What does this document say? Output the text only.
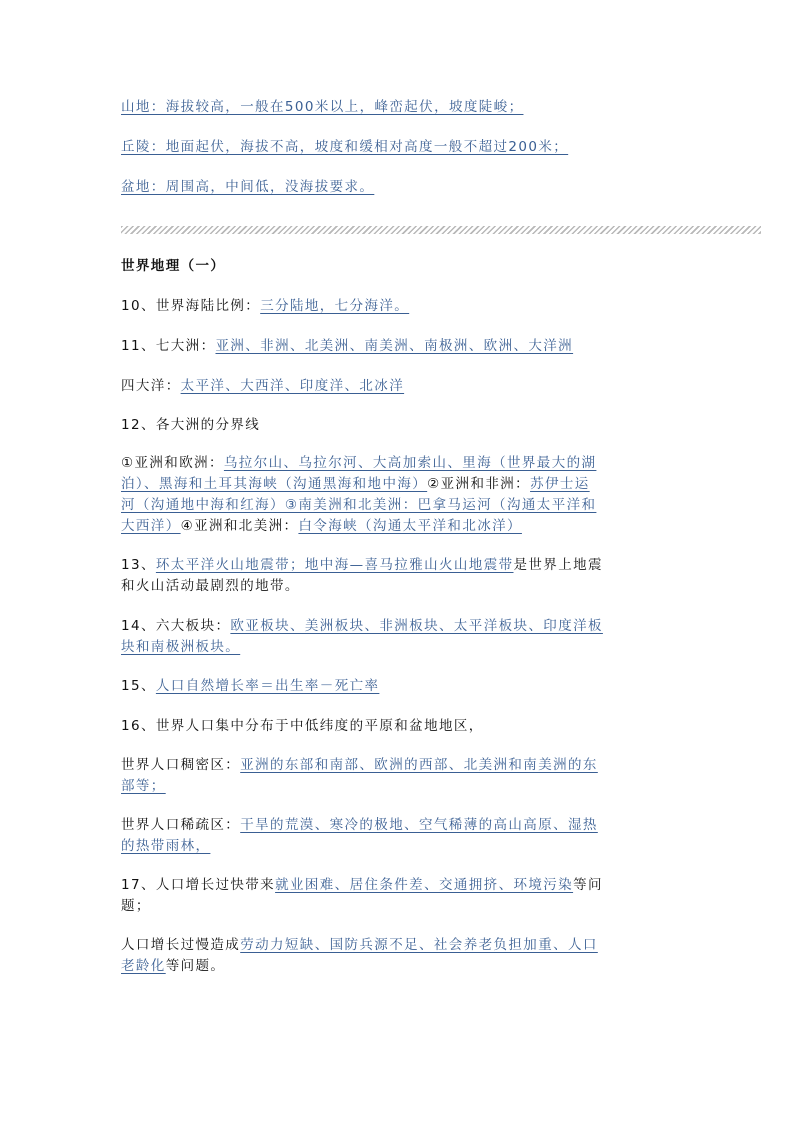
山地：海拔较高，一般在500米以上，峰峦起伏，坡度陡峻；
丘陵：地面起伏，海拔不高，坡度和缓相对高度一般不超过200米；
盆地：周围高，中间低，没海拔要求。
世界地理（一）
10、世界海陆比例：三分陆地，七分海洋。
11、七大洲：亚洲、非洲、北美洲、南美洲、南极洲、欧洲、大洋洲
四大洋：太平洋、大西洋、印度洋、北冰洋
12、各大洲的分界线
①亚洲和欧洲：乌拉尔山、乌拉尔河、大高加索山、里海（世界最大的湖
泊）、黑海和土耳其海峡（沟通黑海和地中海）②亚洲和非洲：苏伊士运
河（沟通地中海和红海）③南美洲和北美洲：巴拿马运河（沟通太平洋和
大西洋）④亚洲和北美洲：白令海峡（沟通太平洋和北冰洋）
13、环太平洋火山地震带；地中海—喜马拉雅山火山地震带是世界上地震
和火山活动最剧烈的地带。
14、六大板块：欧亚板块、美洲板块、非洲板块、太平洋板块、印度洋板
块和南极洲板块。
15、人口自然增长率＝出生率－死亡率
16、世界人口集中分布于中低纬度的平原和盆地地区，
世界人口稠密区：亚洲的东部和南部、欧洲的西部、北美洲和南美洲的东
部等；
世界人口稀疏区：干旱的荒漠、寒冷的极地、空气稀薄的高山高原、湿热
的热带雨林，
17、人口增长过快带来就业困难、居住条件差、交通拥挤、环境污染等问
题；
人口增长过慢造成劳动力短缺、国防兵源不足、社会养老负担加重、人口
老龄化等问题。
